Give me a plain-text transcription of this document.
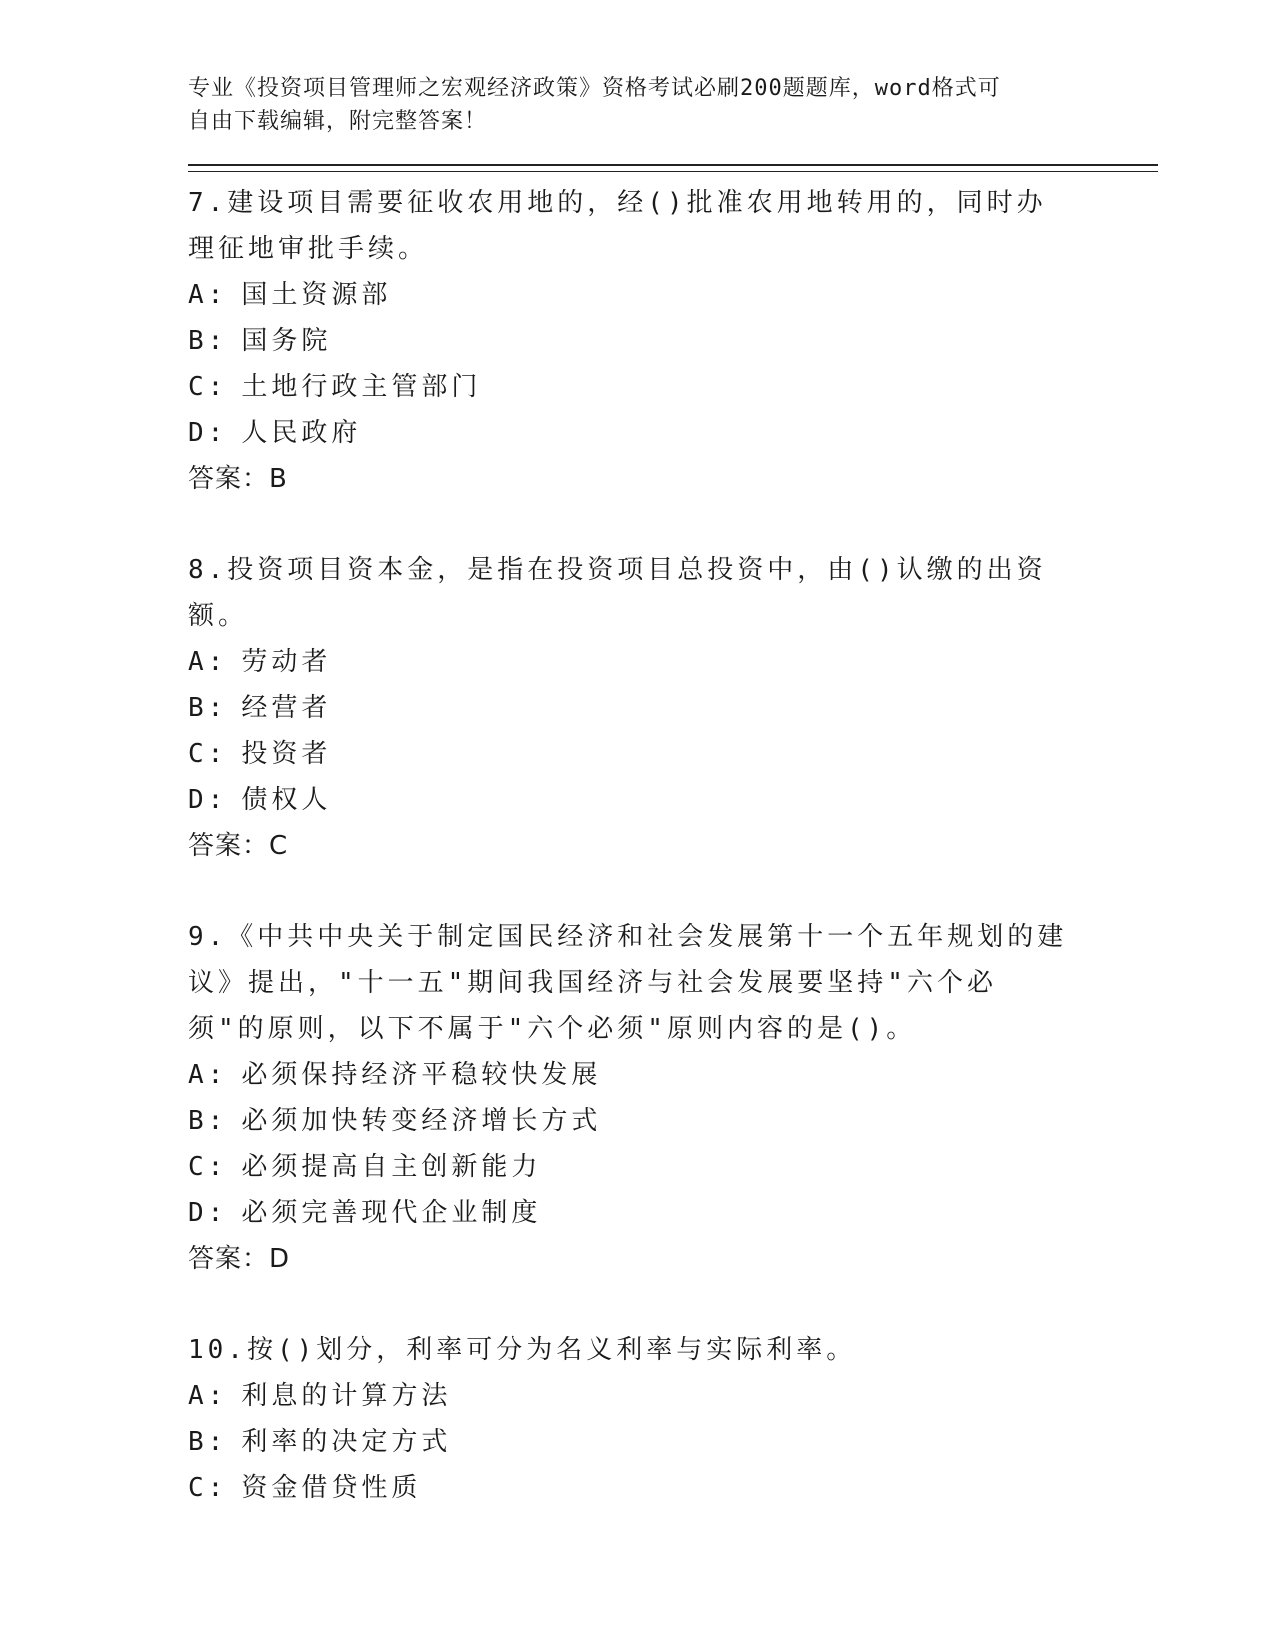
专业《投资项目管理师之宏观经济政策》资格考试必刷200题题库，word格式可
自由下载编辑，附完整答案！

7.建设项目需要征收农用地的，经()批准农用地转用的，同时办理征地审批手续。

A : 国土资源部
B : 国务院
C : 土地行政主管部门
D : 人民政府
答案：B

8.投资项目资本金，是指在投资项目总投资中，由()认缴的出资额。

A : 劳动者
B : 经营者
C : 投资者
D : 债权人
答案：C

9.《中共中央关于制定国民经济和社会发展第十一个五年规划的建议》提出，"十一五"期间我国经济与社会发展要坚持"六个必须"的原则，以下不属于"六个必须"原则内容的是()。

A : 必须保持经济平稳较快发展
B : 必须加快转变经济增长方式
C : 必须提高自主创新能力
D : 必须完善现代企业制度
答案：D

10.按()划分，利率可分为名义利率与实际利率。

A : 利息的计算方法
B : 利率的决定方式
C : 资金借贷性质
